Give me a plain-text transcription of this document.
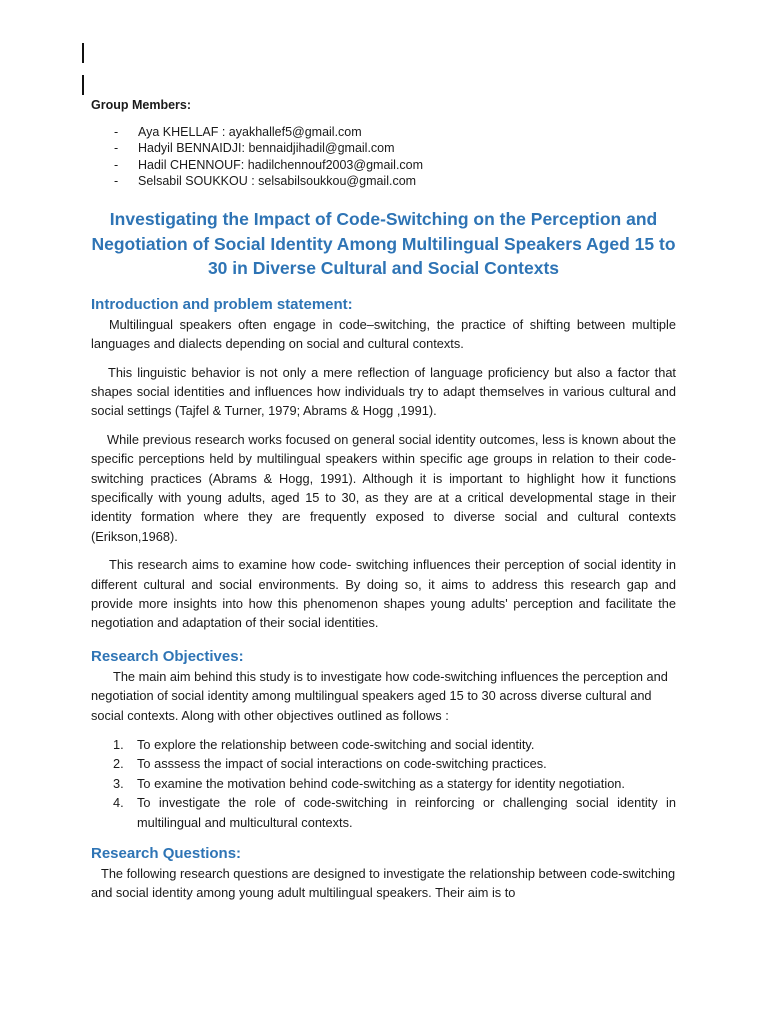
Group Members:
- Aya KHELLAF : ayakhallef5@gmail.com
- Hadyil BENNAIDJI: bennaidjihadil@gmail.com
- Hadil CHENNOUF: hadilchennouf2003@gmail.com
- Selsabil SOUKKOU : selsabilsoukkou@gmail.com
Investigating the Impact of Code-Switching on the Perception and Negotiation of Social Identity Among Multilingual Speakers Aged 15 to 30 in Diverse Cultural and Social Contexts
Introduction and problem statement:

Multilingual speakers often engage in code–switching, the practice of shifting between multiple languages and dialects depending on social and cultural contexts.

This linguistic behavior is not only a mere reflection of language proficiency but also a factor that shapes social identities and influences how individuals try to adapt themselves in various cultural and social settings (Tajfel & Turner, 1979; Abrams & Hogg ,1991).

While previous research works focused on general social identity outcomes, less is known about the specific perceptions held by multilingual speakers within specific age groups in relation to their code-switching practices (Abrams & Hogg, 1991). Although it is important to highlight how it functions specifically with young adults, aged 15 to 30, as they are at a critical developmental stage in their identity formation where they are frequently exposed to diverse social and cultural contexts (Erikson,1968).

This research aims to examine how code- switching influences their perception of social identity in different cultural and social environments. By doing so, it aims to address this research gap and provide more insights into how this phenomenon shapes young adults' perception and facilitate the negotiation and adaptation of their social identities.

Research Objectives:

The main aim behind this study is to investigate how code-switching influences the perception and negotiation of social identity among multilingual speakers aged 15 to 30 across diverse cultural and social contexts. Along with other objectives outlined as follows :

1. To explore the relationship between code-switching and social identity.
2. To asssess the impact of social interactions on code-switching practices.
3. To examine the motivation behind code-switching as a statergy for identity negotiation.
4. To investigate the role of code-switching in reinforcing or challenging social identity in multilingual and multicultural contexts.
Research Questions:

The following research questions are designed to investigate the relationship between code-switching and social identity among young adult multilingual speakers. Their aim is to
